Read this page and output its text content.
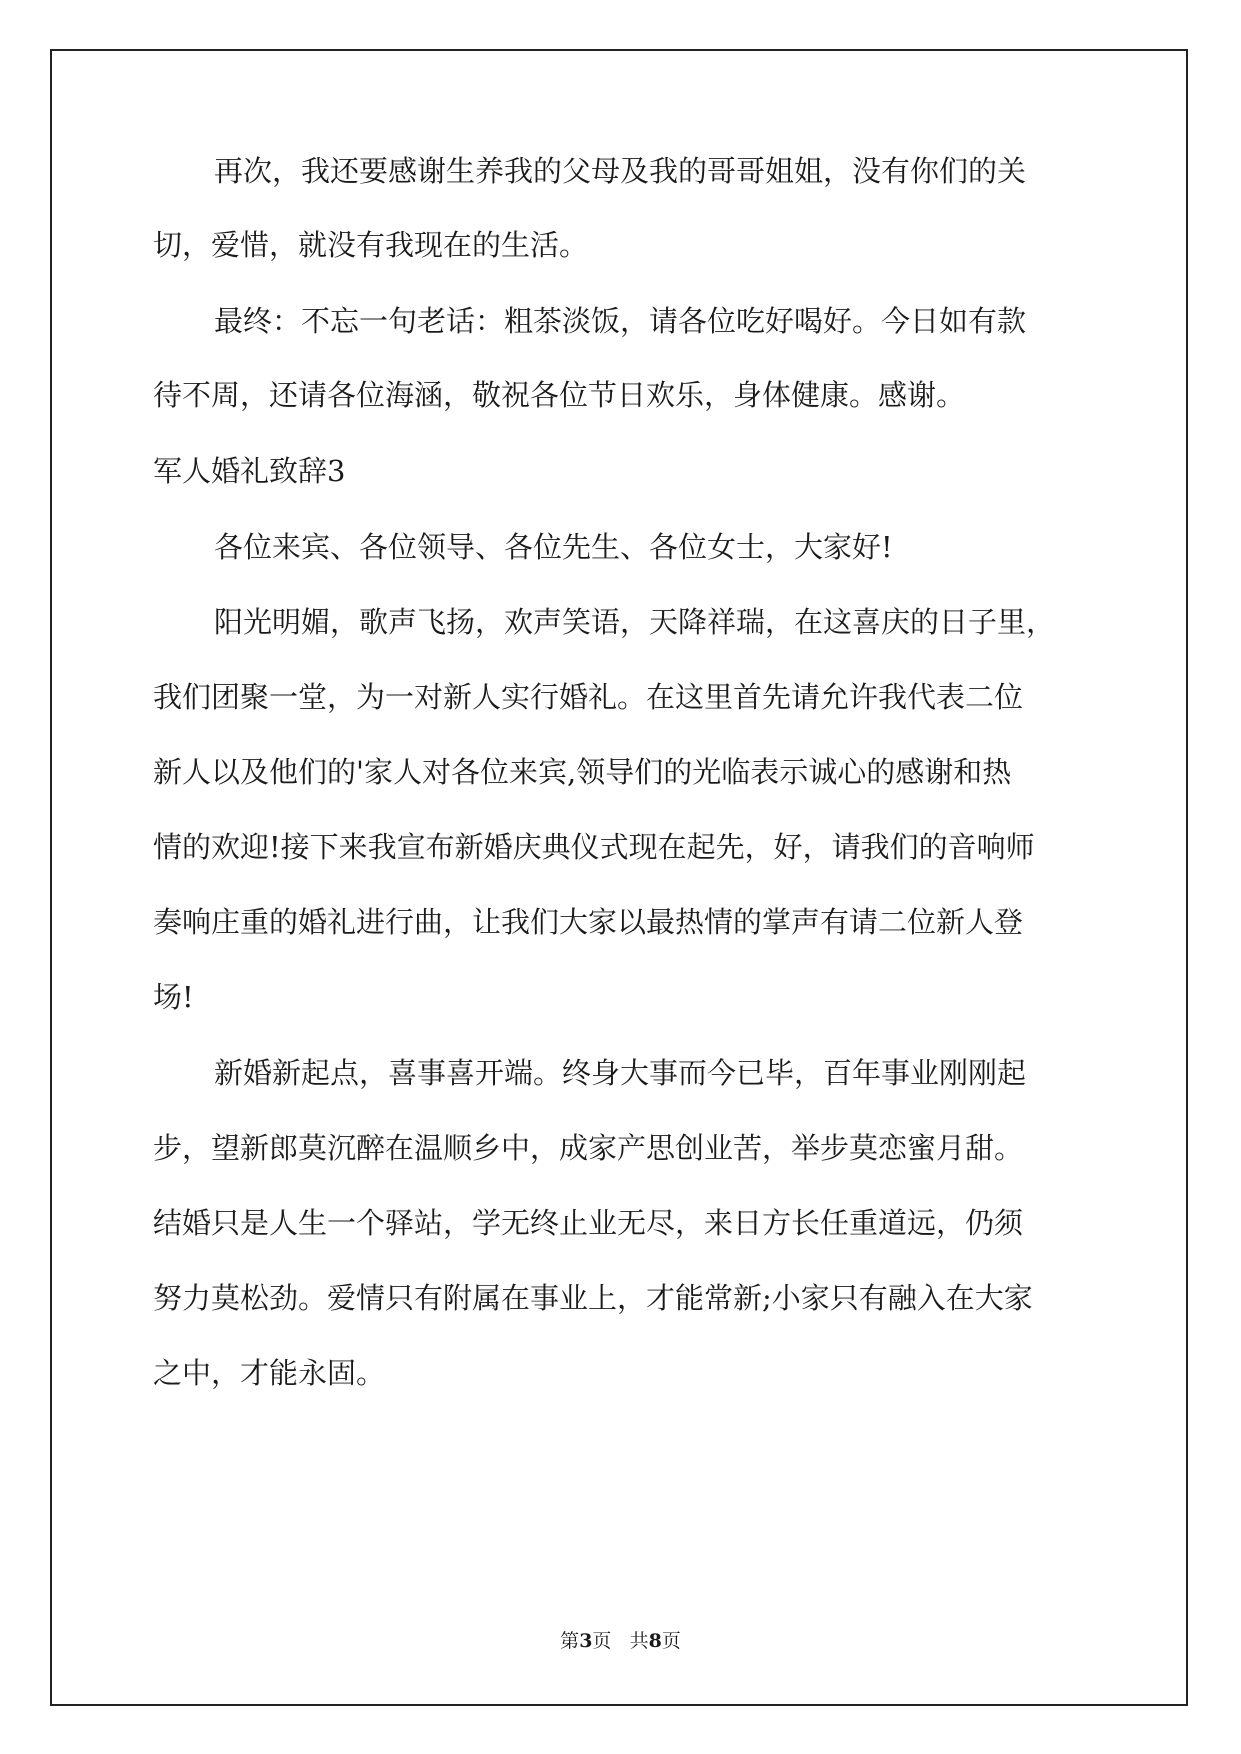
再次，我还要感谢生养我的父母及我的哥哥姐姐，没有你们的关
切，爱惜，就没有我现在的生活。
最终：不忘一句老话：粗茶淡饭，请各位吃好喝好。今日如有款
待不周，还请各位海涵，敬祝各位节日欢乐，身体健康。感谢。
军人婚礼致辞3
各位来宾、各位领导、各位先生、各位女士，大家好!
阳光明媚，歌声飞扬，欢声笑语，天降祥瑞，在这喜庆的日子里，
我们团聚一堂，为一对新人实行婚礼。在这里首先请允许我代表二位
新人以及他们的'家人对各位来宾,领导们的光临表示诚心的感谢和热
情的欢迎!接下来我宣布新婚庆典仪式现在起先，好，请我们的音响师
奏响庄重的婚礼进行曲，让我们大家以最热情的掌声有请二位新人登
场!
新婚新起点，喜事喜开端。终身大事而今已毕，百年事业刚刚起
步，望新郎莫沉醉在温顺乡中，成家产思创业苦，举步莫恋蜜月甜。
结婚只是人生一个驿站，学无终止业无尽，来日方长任重道远，仍须
努力莫松劲。爱情只有附属在事业上，才能常新;小家只有融入在大家
之中，才能永固。
第3页 共8页
